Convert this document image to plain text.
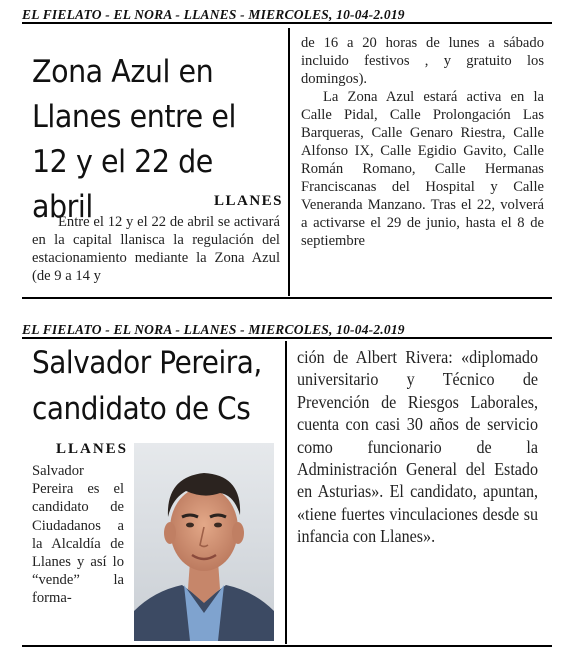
EL FIELATO - EL NORA - LLANES - MIERCOLES, 10-04-2.019
Zona Azul en Llanes entre el 12 y el 22 de abril	LLANES
Entre el 12 y el 22 de abril se activará en la capital llanisca la regulación del estacionamiento mediante la Zona Azul (de 9 a 14 y

de 16 a 20 horas de lunes a sábado incluido festivos , y gratuito los domingos).

La Zona Azul estará activa en la Calle Pidal, Calle Prolongación Las Barqueras, Calle Genaro Riestra, Calle Alfonso IX, Calle Egidio Gavito, Calle Román Romano, Calle Hermanas Franciscanas del Hospital y Calle Veneranda Manzano. Tras el 22, volverá a activarse el 29 de junio, hasta el 8 de septiembre

EL FIELATO - EL NORA - LLANES - MIERCOLES, 10-04-2.019
Salvador Pereira, candidato de Cs
LLANES
Salvador Pereira es el candidato de Ciudadanos a la Alcaldía de Llanes y así lo “vende” la forma-
ción de Albert Rivera: «diplomado universitario y Técnico de Prevención de Riesgos Laborales, cuenta con casi 30 años de servicio como funcionario de la Administración General del Estado en Asturias». El candidato, apuntan, «tiene fuertes vinculaciones desde su infancia con Llanes».
